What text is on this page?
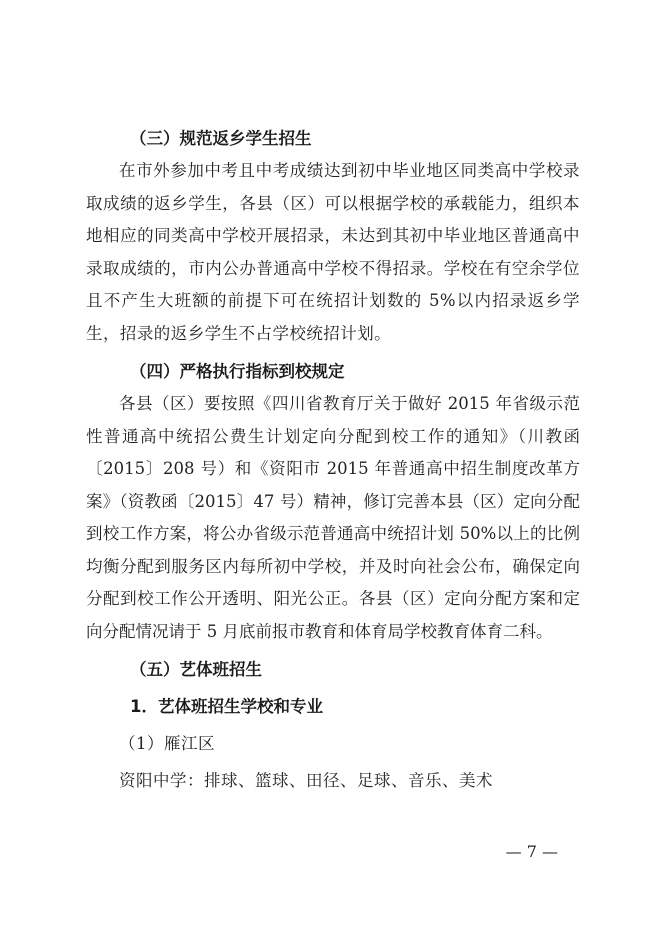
（三）规范返乡学生招生

在市外参加中考且中考成绩达到初中毕业地区同类高中学校录取成绩的返乡学生，各县（区）可以根据学校的承载能力，组织本地相应的同类高中学校开展招录，未达到其初中毕业地区普通高中录取成绩的，市内公办普通高中学校不得招录。学校在有空余学位且不产生大班额的前提下可在统招计划数的 5%以内招录返乡学生，招录的返乡学生不占学校统招计划。

（四）严格执行指标到校规定

各县（区）要按照《四川省教育厅关于做好 2015 年省级示范性普通高中统招公费生计划定向分配到校工作的通知》（川教函〔2015〕208 号）和《资阳市 2015 年普通高中招生制度改革方案》（资教函〔2015〕47 号）精神，修订完善本县（区）定向分配到校工作方案，将公办省级示范普通高中统招计划 50%以上的比例均衡分配到服务区内每所初中学校，并及时向社会公布，确保定向分配到校工作公开透明、阳光公正。各县（区）定向分配方案和定向分配情况请于 5 月底前报市教育和体育局学校教育体育二科。

（五）艺体班招生
1．艺体班招生学校和专业

（1）雁江区

资阳中学：排球、篮球、田径、足球、音乐、美术

— 7 —
